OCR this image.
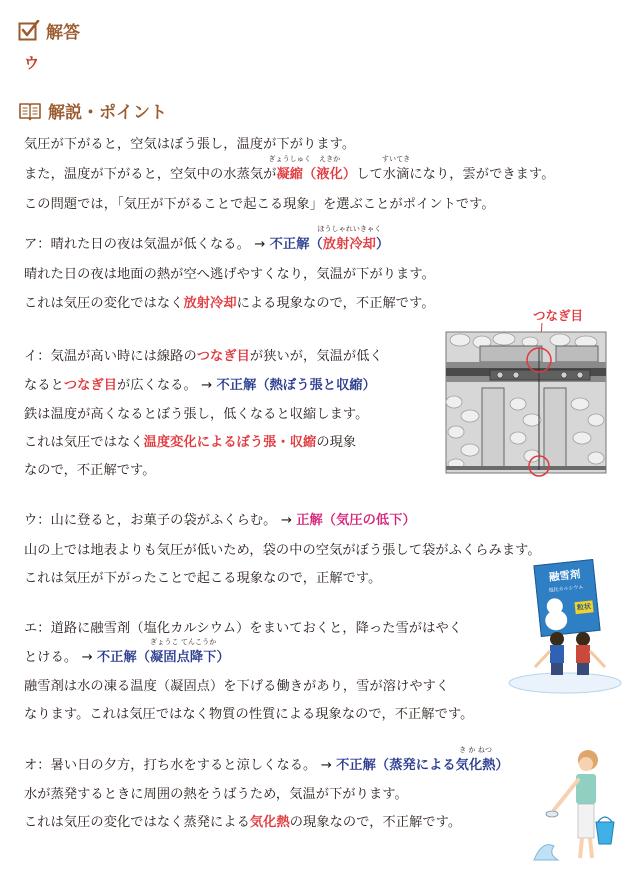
解答
ウ
解説・ポイント
気圧が下がると，空気はぼう張し，温度が下がります。
また，温度が下がると，空気中の水蒸気が
ぎょうしゅく
凝縮（
えきか
液化）して
すいてき
水滴になり，雲ができます。
この問題では，「気圧が下がることで起こる現象」を選ぶことがポイントです。
ア：晴れた日の夜は気温が低くなる。 → 不正解（
ほうしゃれいきゃく
放射冷却）
晴れた日の夜は地面の熱が空へ逃げやすくなり，気温が下がります。
これは気圧の変化ではなく放射冷却による現象なので，不正解です。
イ：気温が高い時には線路のつなぎ目が狭いが，気温が低く
なるとつなぎ目が広くなる。 → 不正解（熱ぼう張と収縮）
鉄は温度が高くなるとぼう張し，低くなると収縮します。
これは気圧ではなく温度変化によるぼう張・収縮の現象
なので，不正解です。
つなぎ目
ウ：山に登ると，お菓子の袋がふくらむ。 → 正解（気圧の低下）
山の上では地表よりも気圧が低いため，袋の中の空気がぼう張して袋がふくらみます。
これは気圧が下がったことで起こる現象なので，正解です。
エ：道路に融雪剤（塩化カルシウム）をまいておくと，降った雪がはやく
とける。 → 不正解（
ぎょうこ てんこうか
凝固点降下）
融雪剤は水の凍る温度（凝固点）を下げる働きがあり，雪が溶けやすく
なります。これは気圧ではなく物質の性質による現象なので，不正解です。
融雪剤
塩化カルシウム
粒状
オ：暑い日の夕方，打ち水をすると涼しくなる。 → 不正解（蒸発による
き か ねつ
気化熱）
水が蒸発するときに周囲の熱をうばうため，気温が下がります。
これは気圧の変化ではなく蒸発による気化熱の現象なので，不正解です。
